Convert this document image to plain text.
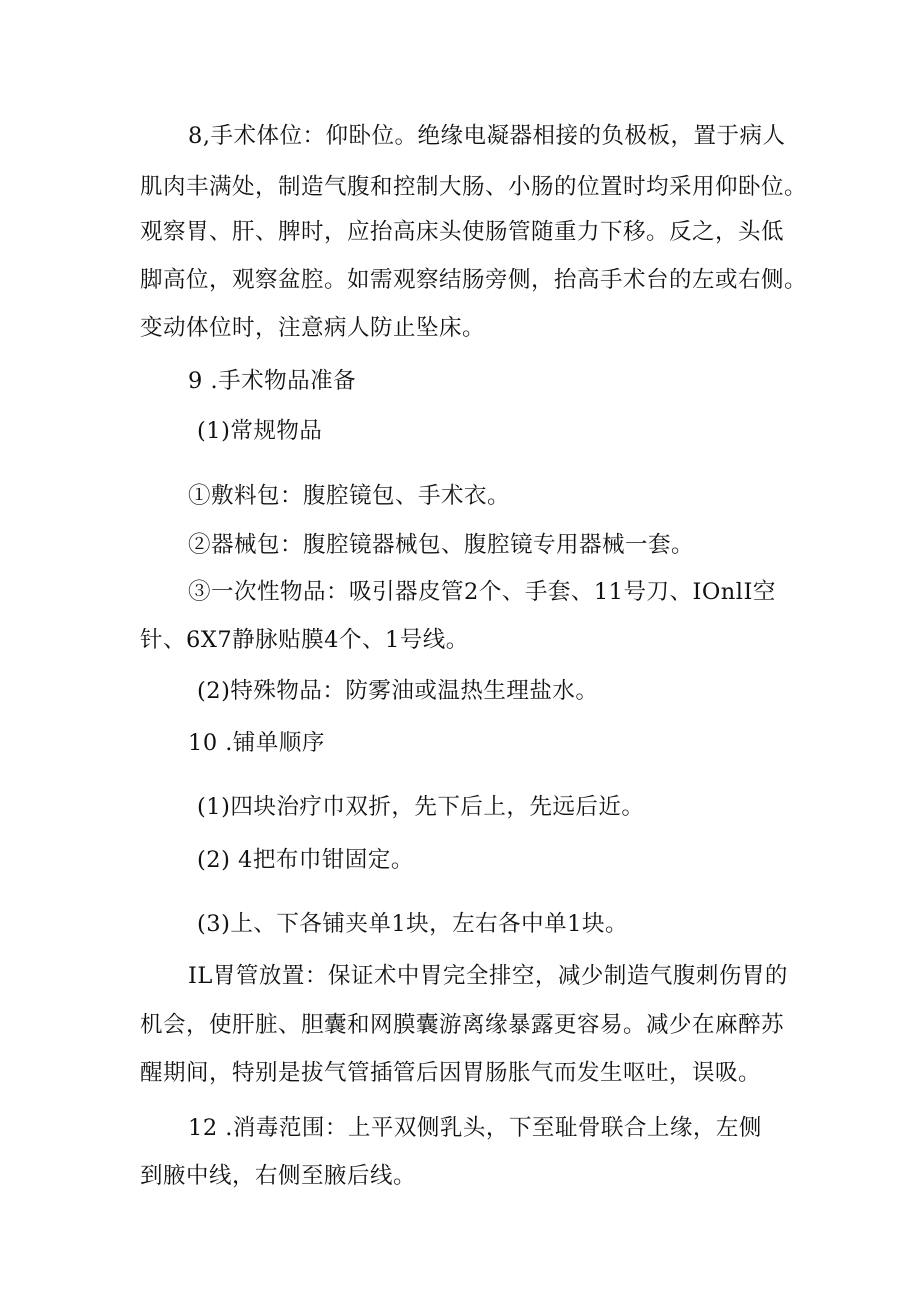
8,手术体位：仰卧位。绝缘电凝器相接的负极板，置于病人
肌肉丰满处，制造气腹和控制大肠、小肠的位置时均采用仰卧位。
观察胃、肝、脾时，应抬高床头使肠管随重力下移。反之，头低
脚高位，观察盆腔。如需观察结肠旁侧，抬高手术台的左或右侧。
变动体位时，注意病人防止坠床。
9 .手术物品准备
(1)常规物品
①敷料包：腹腔镜包、手术衣。
②器械包：腹腔镜器械包、腹腔镜专用器械一套。
③一次性物品：吸引器皮管2个、手套、11号刀、IOnlI空
针、6X7静脉贴膜4个、1号线。
(2)特殊物品：防雾油或温热生理盐水。
10 .铺单顺序
(1)四块治疗巾双折，先下后上，先远后近。
(2) 4把布巾钳固定。
(3)上、下各铺夹单1块，左右各中单1块。
IL胃管放置：保证术中胃完全排空，减少制造气腹刺伤胃的
机会，使肝脏、胆囊和网膜囊游离缘暴露更容易。减少在麻醉苏
醒期间，特别是拔气管插管后因胃肠胀气而发生呕吐，误吸。
12 .消毒范围：上平双侧乳头，下至耻骨联合上缘，左侧
到腋中线，右侧至腋后线。
